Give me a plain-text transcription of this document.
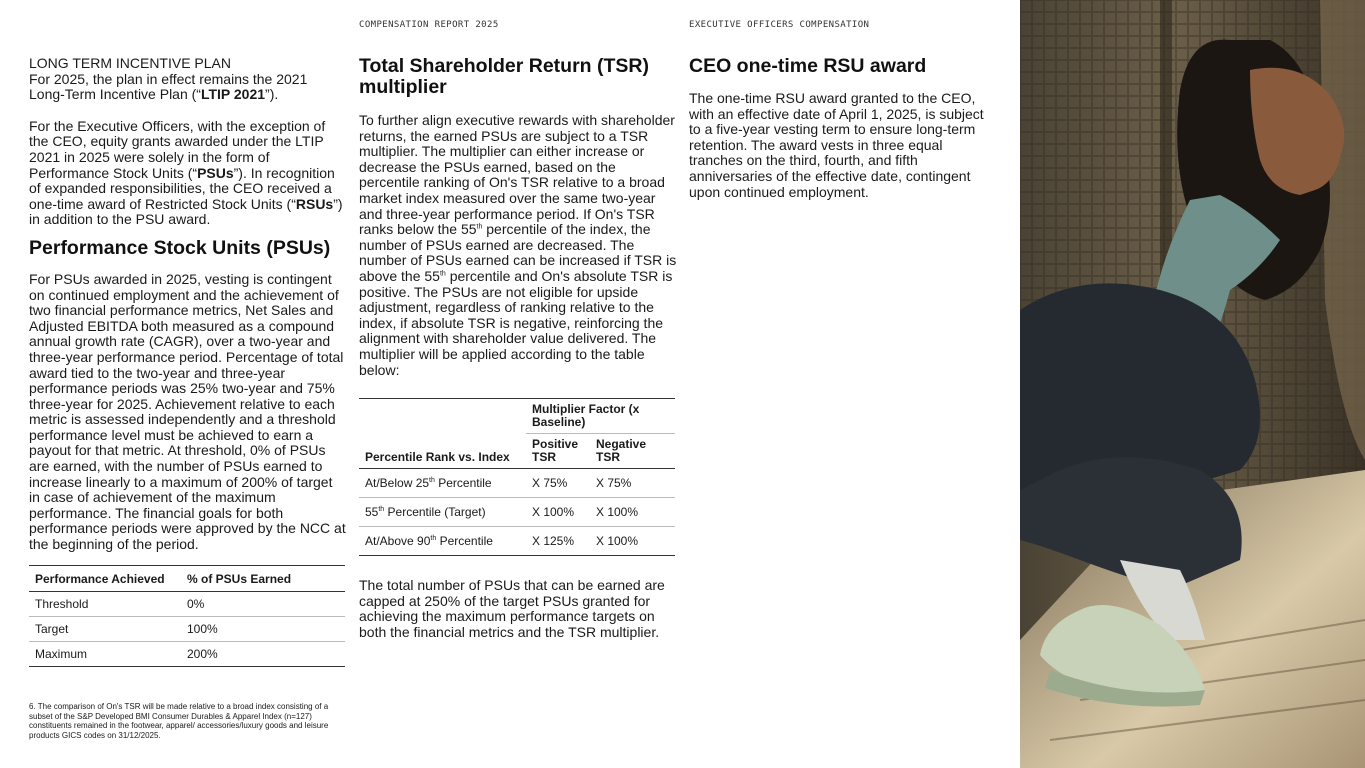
COMPENSATION REPORT 2025	EXECUTIVE OFFICERS COMPENSATION

LONG TERM INCENTIVE PLAN

For 2025, the plan in effect remains the 2021 Long-Term Incentive Plan (“LTIP 2021”).

For the Executive Officers, with the exception of the CEO, equity grants awarded under the LTIP 2021 in 2025 were solely in the form of Performance Stock Units (“PSUs”). In recognition of expanded responsibilities, the CEO received a one-time award of Restricted Stock Units (“RSUs”) in addition to the PSU award.

Performance Stock Units (PSUs)

For PSUs awarded in 2025, vesting is contingent on continued employment and the achievement of two financial performance metrics, Net Sales and Adjusted EBITDA both measured as a compound annual growth rate (CAGR), over a two-year and three-year performance period. Percentage of total award tied to the two-year and three-year performance periods was 25% two-year and 75% three-year for 2025. Achievement relative to each metric is assessed independently and a threshold performance level must be achieved to earn a payout for that metric. At threshold, 0% of PSUs are earned, with the number of PSUs earned to increase linearly to a maximum of 200% of target in case of achievement of the maximum performance. The financial goals for both performance periods were approved by the NCC at the beginning of the period.

Performance Achieved	% of PSUs Earned
Threshold	0%
Target	100%
Maximum	200%

6. The comparison of On's TSR will be made relative to a broad index consisting of a subset of the S&P Developed BMI Consumer Durables & Apparel Index (n=127) constituents remained in the footwear, apparel/ accessories/luxury goods and leisure products GICS codes on 31/12/2025.

Total Shareholder Return (TSR) multiplier

To further align executive rewards with shareholder returns, the earned PSUs are subject to a TSR multiplier. The multiplier can either increase or decrease the PSUs earned, based on the percentile ranking of On's TSR relative to a broad market index measured over the same two-year and three-year performance period. If On's TSR ranks below the 55th percentile of the index, the number of PSUs earned are decreased. The number of PSUs earned can be increased if TSR is above the 55th percentile and On's absolute TSR is positive. The PSUs are not eligible for upside adjustment, regardless of ranking relative to the index, if absolute TSR is negative, reinforcing the alignment with shareholder value delivered. The multiplier will be applied according to the table below:

	Multiplier Factor (x Baseline)	
Percentile Rank vs. Index	Positive TSR	Negative TSR
At/Below 25th Percentile	X 75%	X 75%
55th Percentile (Target)	X 100%	X 100%
At/Above 90th Percentile	X 125%	X 100%

The total number of PSUs that can be earned are capped at 250% of the target PSUs granted for achieving the maximum performance targets on both the financial metrics and the TSR multiplier.

CEO one-time RSU award

The one-time RSU award granted to the CEO, with an effective date of April 1, 2025, is subject to a five-year vesting term to ensure long-term retention. The award vests in three equal tranches on the third, fourth, and fifth anniversaries of the effective date, contingent upon continued employment.
